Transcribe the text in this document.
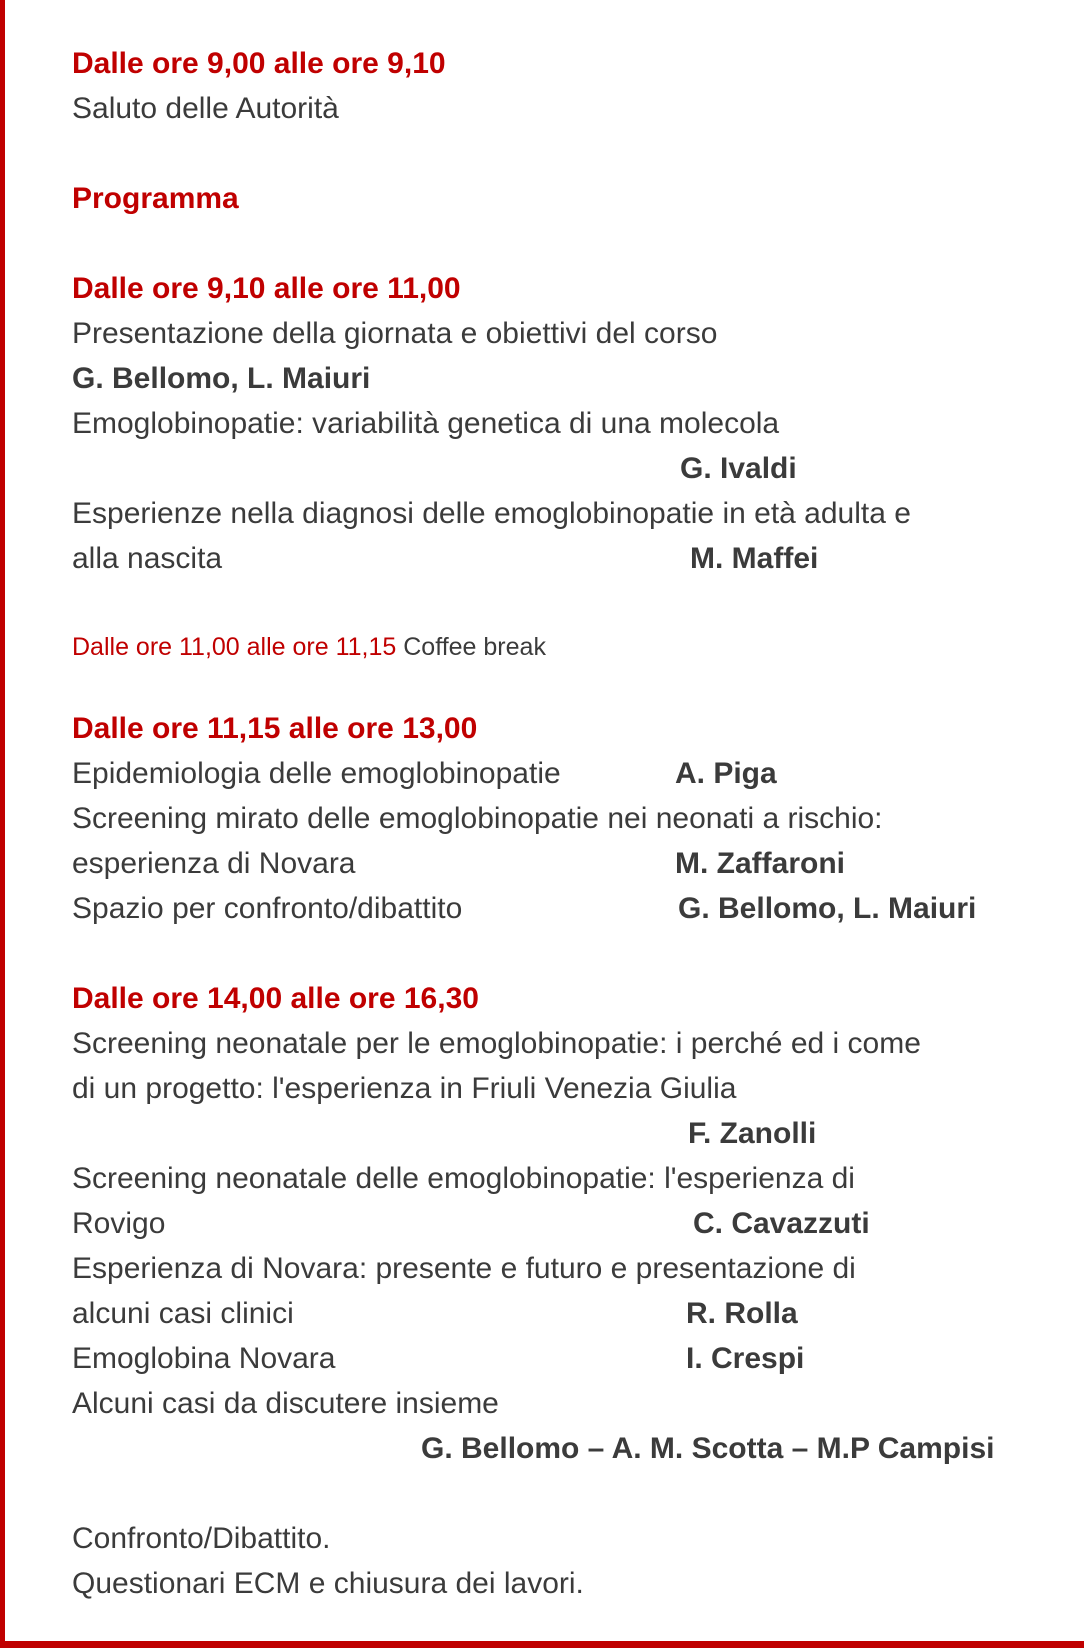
Dalle ore 9,00 alle ore 9,10
Saluto delle Autorità
Programma
Dalle ore 9,10 alle ore 11,00
Presentazione della giornata e obiettivi del corso
G. Bellomo, L. Maiuri
Emoglobinopatie: variabilità genetica di una molecola
G. Ivaldi
Esperienze nella diagnosi delle emoglobinopatie in età adulta e
alla nascita	M. Maffei
Dalle ore 11,00 alle ore 11,15 Coffee break
Dalle ore 11,15 alle ore 13,00
Epidemiologia delle emoglobinopatie	A. Piga
Screening mirato delle emoglobinopatie nei neonati a rischio:
esperienza di Novara	M. Zaffaroni
Spazio per confronto/dibattito	G. Bellomo, L. Maiuri
Dalle ore 14,00 alle ore 16,30
Screening neonatale per le emoglobinopatie: i perché ed i come
di un progetto: l'esperienza in Friuli Venezia Giulia
F. Zanolli
Screening neonatale delle emoglobinopatie: l'esperienza di
Rovigo	C. Cavazzuti
Esperienza di Novara: presente e futuro e presentazione di
alcuni casi clinici	R. Rolla
Emoglobina Novara	I. Crespi
Alcuni casi da discutere insieme
G. Bellomo – A. M. Scotta – M.P Campisi
Confronto/Dibattito.
Questionari ECM e chiusura dei lavori.
